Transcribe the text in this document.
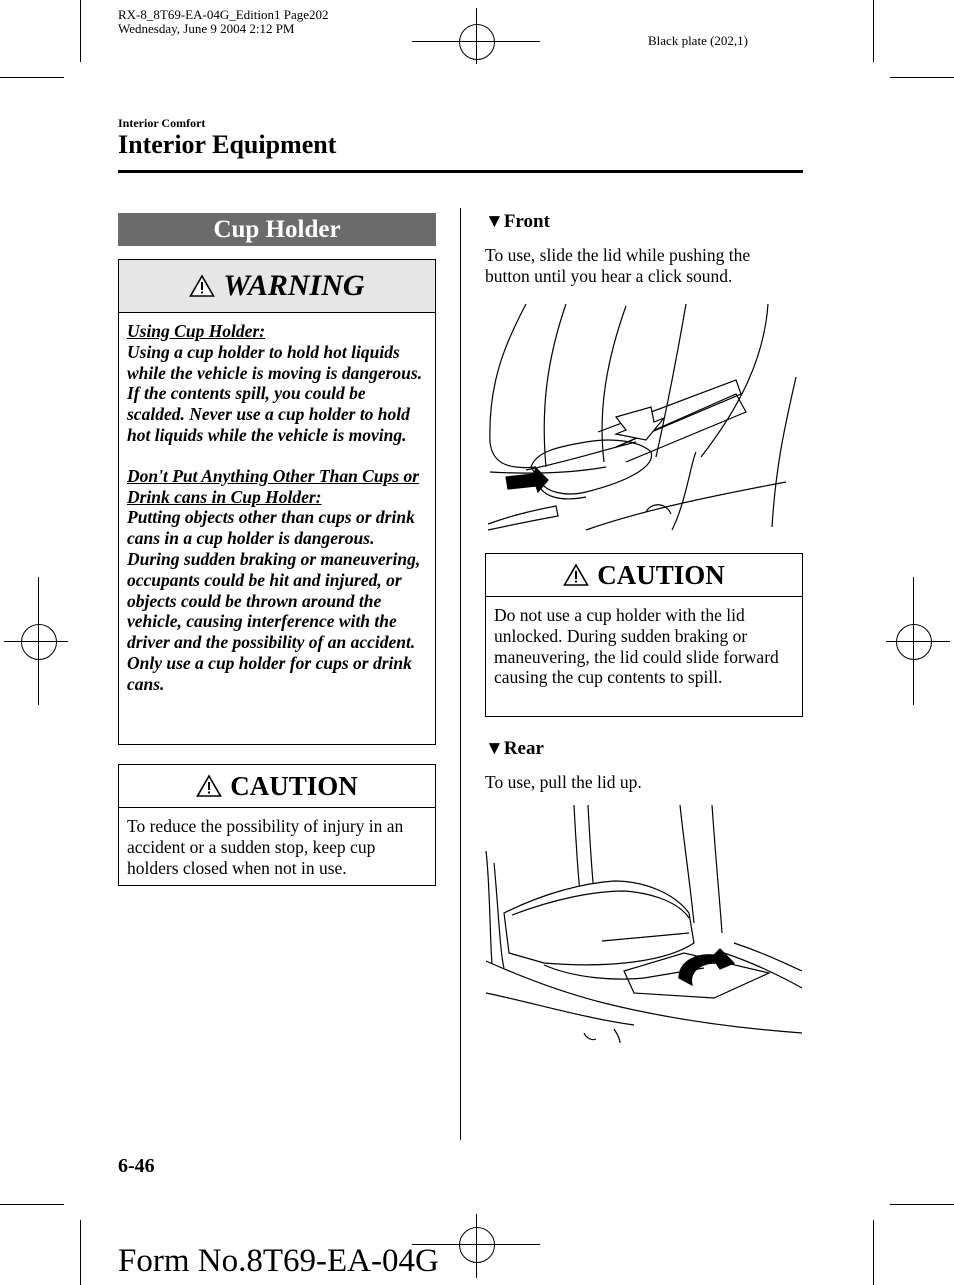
RX-8_8T69-EA-04G_Edition1 Page202
Wednesday, June 9 2004 2:12 PM
Black plate (202,1)
Interior Comfort
Interior Equipment
Cup Holder
WARNING
Using Cup Holder:
Using a cup holder to hold hot liquids while the vehicle is moving is dangerous. If the contents spill, you could be scalded. Never use a cup holder to hold hot liquids while the vehicle is moving.
Don't Put Anything Other Than Cups or Drink cans in Cup Holder:
Putting objects other than cups or drink cans in a cup holder is dangerous.
During sudden braking or maneuvering, occupants could be hit and injured, or objects could be thrown around the vehicle, causing interference with the driver and the possibility of an accident. Only use a cup holder for cups or drink cans.
CAUTION
To reduce the possibility of injury in an accident or a sudden stop, keep cup holders closed when not in use.
▼Front
To use, slide the lid while pushing the button until you hear a click sound.
CAUTION
Do not use a cup holder with the lid unlocked. During sudden braking or maneuvering, the lid could slide forward causing the cup contents to spill.
▼Rear
To use, pull the lid up.
6-46
Form No.8T69-EA-04G
